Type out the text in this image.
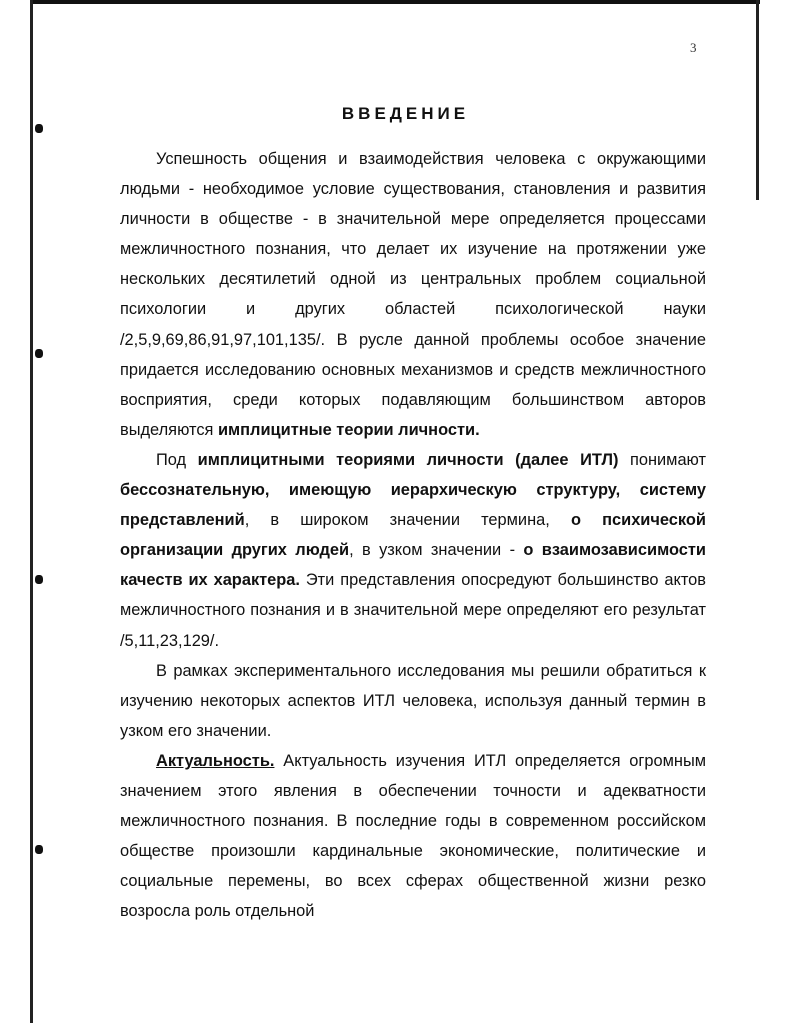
3
ВВЕДЕНИЕ

Успешность общения и взаимодействия человека с окружающими людьми - необходимое условие существования, становления и развития личности в обществе - в значительной мере определяется процессами межличностного познания, что делает их изучение на протяжении уже нескольких десятилетий одной из центральных проблем социальной психологии и других областей психологической науки /2,5,9,69,86,91,97,101,135/. В русле данной проблемы особое значение придается исследованию основных механизмов и средств межличностного восприятия, среди которых подавляющим большинством авторов выделяются имплицитные теории личности.

Под имплицитными теориями личности (далее ИТЛ) понимают бессознательную, имеющую иерархическую структуру, систему представлений, в широком значении термина, о психической организации других людей, в узком значении - о взаимозависимости качеств их характера. Эти представления опосредуют большинство актов межличностного познания и в значительной мере определяют его результат /5,11,23,129/.

В рамках экспериментального исследования мы решили обратиться к изучению некоторых аспектов ИТЛ человека, используя данный термин в узком его значении.

Актуальность. Актуальность изучения ИТЛ определяется огромным значением этого явления в обеспечении точности и адекватности межличностного познания. В последние годы в современном российском обществе произошли кардинальные экономические, политические и социальные перемены, во всех сферах общественной жизни резко возросла роль отдельной
